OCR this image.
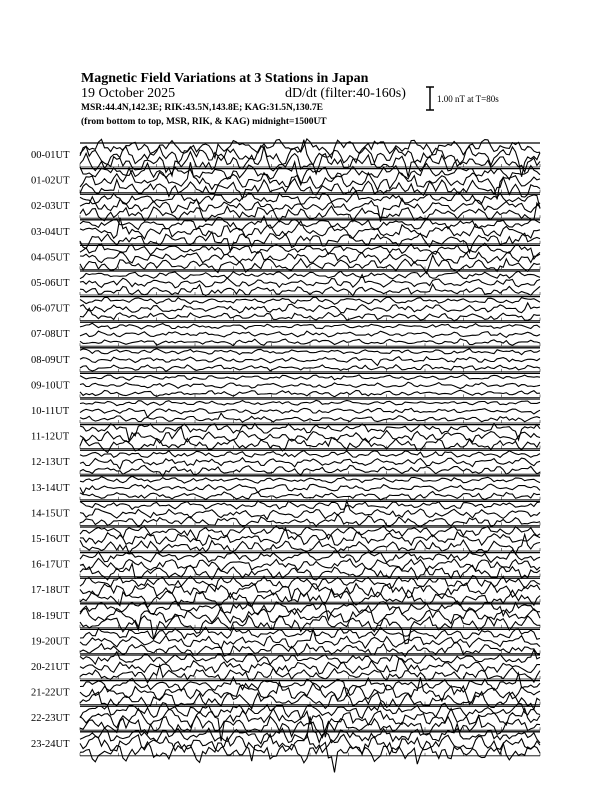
Magnetic Field Variations at 3 Stations in Japan
19 October 2025	dD/dt (filter:40-160s)
MSR:44.4N,142.3E; RIK:43.5N,143.8E; KAG:31.5N,130.7E
(from bottom to top, MSR, RIK, & KAG) midnight=1500UT
1.00 nT at T=80s
00-01UT
01-02UT
02-03UT
03-04UT
04-05UT
05-06UT
06-07UT
07-08UT
08-09UT
09-10UT
10-11UT
11-12UT
12-13UT
13-14UT
14-15UT
15-16UT
16-17UT
17-18UT
18-19UT
19-20UT
20-21UT
21-22UT
22-23UT
23-24UT
